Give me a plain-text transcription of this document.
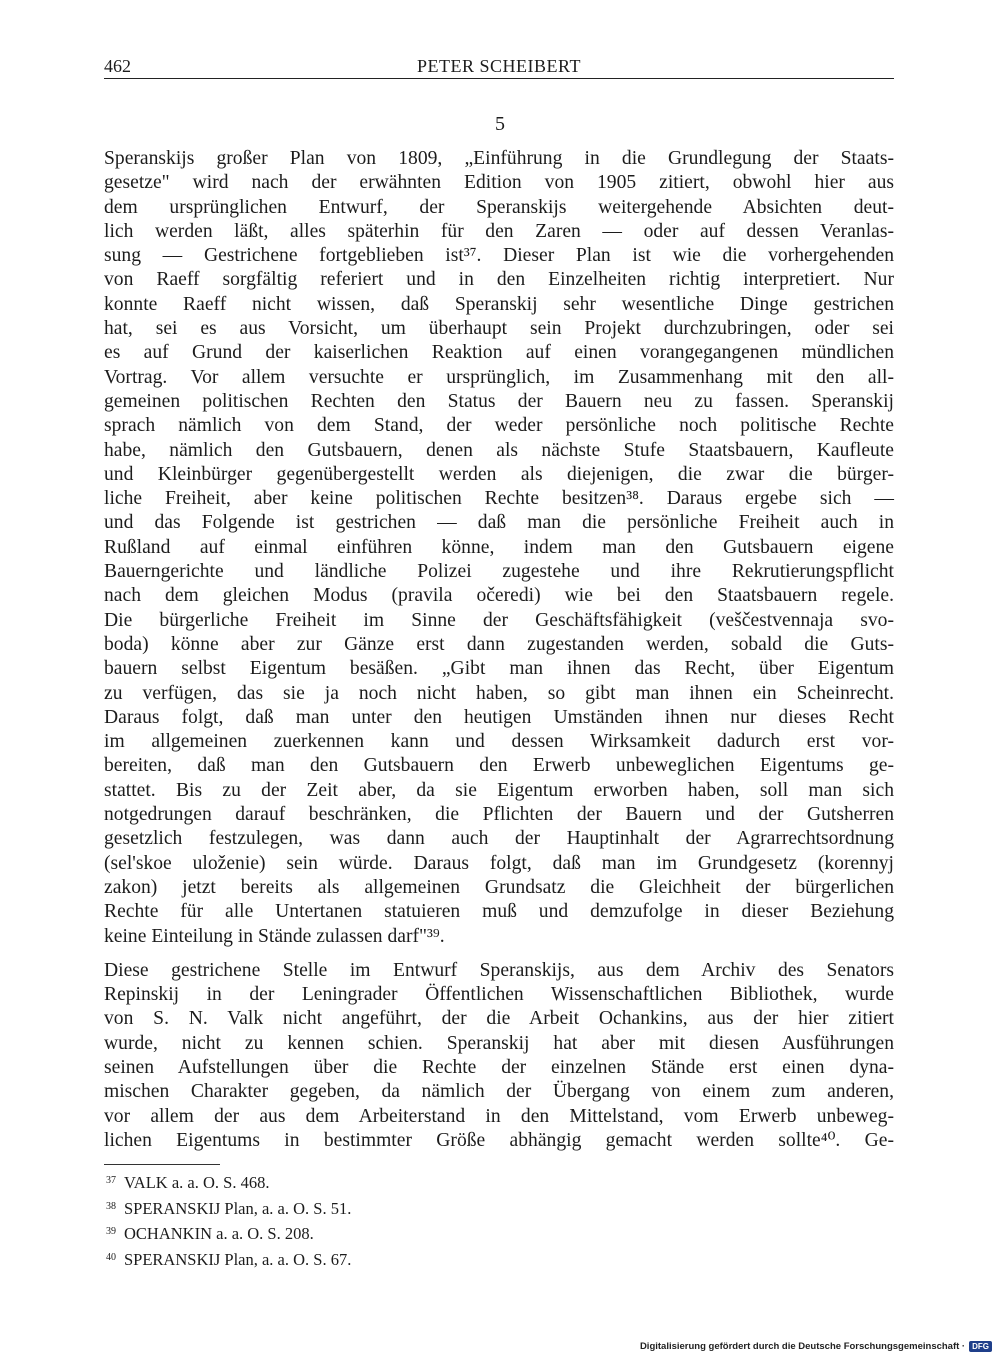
462	PETER SCHEIBERT
5

Speranskijs großer Plan von 1809, „Einführung in die Grundlegung der Staats-
gesetze" wird nach der erwähnten Edition von 1905 zitiert, obwohl hier aus
dem ursprünglichen Entwurf, der Speranskijs weitergehende Absichten deut-
lich werden läßt, alles späterhin für den Zaren — oder auf dessen Veranlas-
sung — Gestrichene fortgeblieben ist³⁷. Dieser Plan ist wie die vorhergehenden
von Raeff sorgfältig referiert und in den Einzelheiten richtig interpretiert. Nur
konnte Raeff nicht wissen, daß Speranskij sehr wesentliche Dinge gestrichen
hat, sei es aus Vorsicht, um überhaupt sein Projekt durchzubringen, oder sei
es auf Grund der kaiserlichen Reaktion auf einen vorangegangenen mündlichen
Vortrag. Vor allem versuchte er ursprünglich, im Zusammenhang mit den all-
gemeinen politischen Rechten den Status der Bauern neu zu fassen. Speranskij
sprach nämlich von dem Stand, der weder persönliche noch politische Rechte
habe, nämlich den Gutsbauern, denen als nächste Stufe Staatsbauern, Kaufleute
und Kleinbürger gegenübergestellt werden als diejenigen, die zwar die bürger-
liche Freiheit, aber keine politischen Rechte besitzen³⁸. Daraus ergebe sich —
und das Folgende ist gestrichen — daß man die persönliche Freiheit auch in
Rußland auf einmal einführen könne, indem man den Gutsbauern eigene
Bauerngerichte und ländliche Polizei zugestehe und ihre Rekrutierungspflicht
nach dem gleichen Modus (pravila očeredi) wie bei den Staatsbauern regele.
Die bürgerliche Freiheit im Sinne der Geschäftsfähigkeit (veščestvennaja svo-
boda) könne aber zur Gänze erst dann zugestanden werden, sobald die Guts-
bauern selbst Eigentum besäßen. „Gibt man ihnen das Recht, über Eigentum
zu verfügen, das sie ja noch nicht haben, so gibt man ihnen ein Scheinrecht.
Daraus folgt, daß man unter den heutigen Umständen ihnen nur dieses Recht
im allgemeinen zuerkennen kann und dessen Wirksamkeit dadurch erst vor-
bereiten, daß man den Gutsbauern den Erwerb unbeweglichen Eigentums ge-
stattet. Bis zu der Zeit aber, da sie Eigentum erworben haben, soll man sich
notgedrungen darauf beschränken, die Pflichten der Bauern und der Gutsherren
gesetzlich festzulegen, was dann auch der Hauptinhalt der Agrarrechtsordnung
(sel'skoe uloženie) sein würde. Daraus folgt, daß man im Grundgesetz (korennyj
zakon) jetzt bereits als allgemeinen Grundsatz die Gleichheit der bürgerlichen
Rechte für alle Untertanen statuieren muß und demzufolge in dieser Beziehung

keine Einteilung in Stände zulassen darf"³⁹.

Diese gestrichene Stelle im Entwurf Speranskijs, aus dem Archiv des Senators
Repinskij in der Leningrader Öffentlichen Wissenschaftlichen Bibliothek, wurde
von S. N. Valk nicht angeführt, der die Arbeit Ochankins, aus der hier zitiert
wurde, nicht zu kennen schien. Speranskij hat aber mit diesen Ausführungen
seinen Aufstellungen über die Rechte der einzelnen Stände erst einen dyna-
mischen Charakter gegeben, da nämlich der Übergang von einem zum anderen,
vor allem der aus dem Arbeiterstand in den Mittelstand, vom Erwerb unbeweg-
lichen Eigentums in bestimmter Größe abhängig gemacht werden sollte⁴⁰. Ge-

$^{37}$ VALK a. a. O. S. 468.
$^{38}$ SPERANSKIJ Plan, a. a. O. S. 51.
$^{39}$ OCHANKIN a. a. O. S. 208.
$^{40}$ SPERANSKIJ Plan, a. a. O. S. 67.
Digitalisierung gefördert durch die Deutsche Forschungsgemeinschaft · DFG
